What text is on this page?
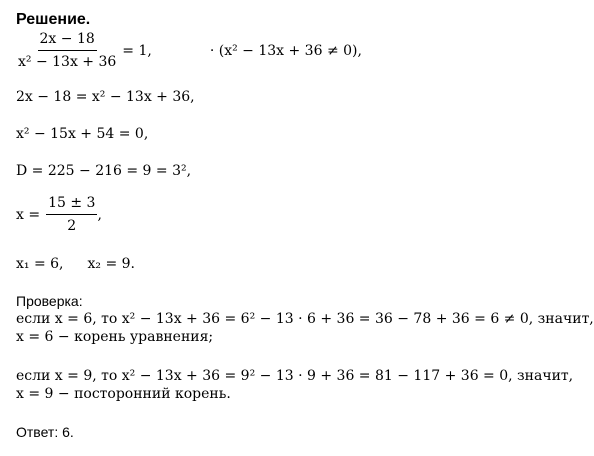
Решение.
$\frac{2x - 18}{\text{x² − 13x + 36}} = 1$,	· (x² − 13x + 36 ≠ 0),
2x − 18 = x² − 13x + 36,
x² − 15x + 54 = 0,
D = 225 − 216 = 9 = 3²,
$x = \frac{15 \pm 3}{2}$ ,
x₁ = 6, x₂ = 9.
Проверка:
если x = 6, то x² − 13x + 36 = 6² − 13 · 6 + 36 = 36 − 78 + 36 = 6 ≠ 0, значит,
x = 6 − корень уравнения;
если x = 9, то x² − 13x + 36 = 9² − 13 · 9 + 36 = 81 − 117 + 36 = 0, значит,
x = 9 − посторонний корень.
Ответ: 6.
